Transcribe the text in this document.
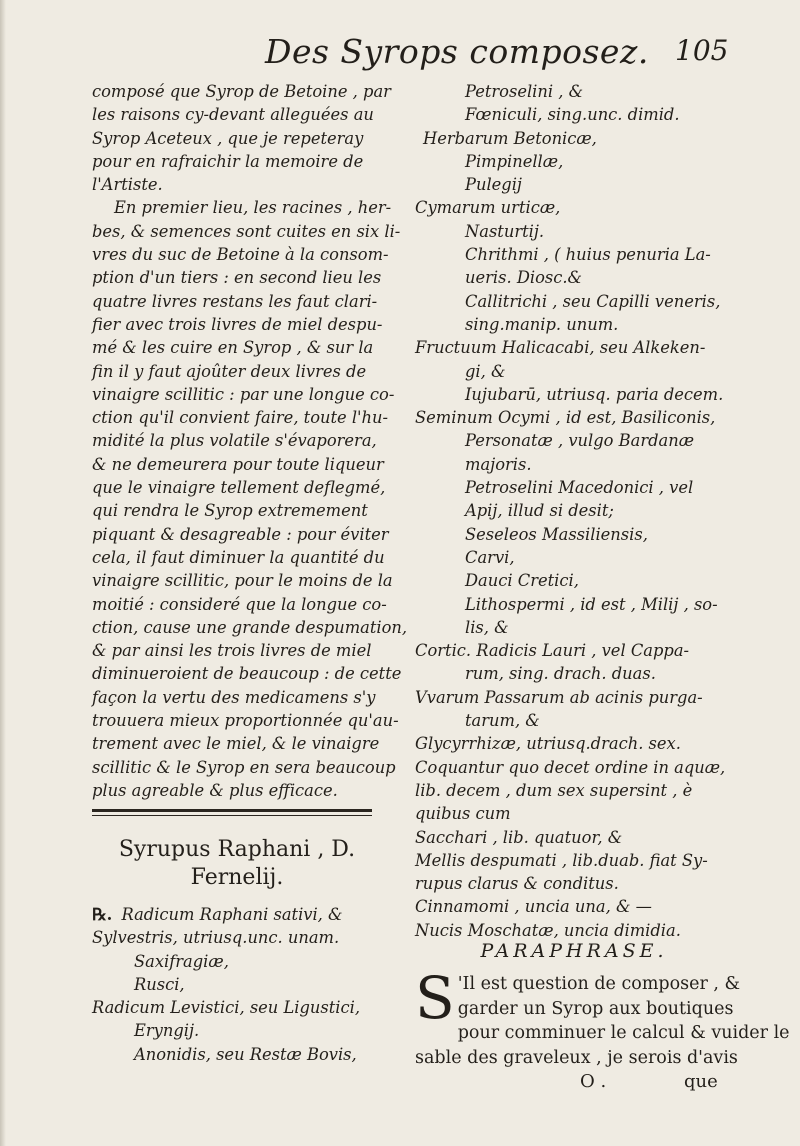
Des Syrops composez. 105
composé que Syrop de Betoine , par
les raisons cy-devant alleguées au
Syrop Aceteux , que je repeteray
pour en rafraichir la memoire de
l'Artiste.
En premier lieu, les racines , her-
bes, & semences sont cuites en six li-
vres du suc de Betoine à la consom-
ption d'un tiers : en second lieu les
quatre livres restans les faut clari-
fier avec trois livres de miel despu-
mé & les cuire en Syrop , & sur la
fin il y faut ajoûter deux livres de
vinaigre scillitic : par une longue co-
ction qu'il convient faire, toute l'hu-
midité la plus volatile s'évaporera,
& ne demeurera pour toute liqueur
que le vinaigre tellement deflegmé,
qui rendra le Syrop extremement
piquant & desagreable : pour éviter
cela, il faut diminuer la quantité du
vinaigre scillitic, pour le moins de la
moitié : consideré que la longue co-
ction, cause une grande despumation,
& par ainsi les trois livres de miel
diminueroient de beaucoup : de cette
façon la vertu des medicamens s'y
trouuera mieux proportionnée qu'au-
trement avec le miel, & le vinaigre
scillitic & le Syrop en sera beaucoup
plus agreable & plus efficace.
Syrupus Raphani , D.
Fernelij.
℞. Radicum Raphani sativi, &
Sylvestris, utriusq.unc. unam.
Saxifragiæ,
Rusci,
Radicum Levistici, seu Ligustici,
Eryngij.
Anonidis, seu Restæ Bovis,
Petroselini , &
Fœniculi, sing.unc. dimid.
Herbarum Betonicæ,
Pimpinellæ,
Pulegij
Cymarum urticæ,
Nasturtij.
Chrithmi , ( huius penuria La-
ueris. Diosc.&
Callitrichi , seu Capilli veneris,
sing.manip. unum.
Fructuum Halicacabi, seu Alkeken-
gi, &
Iujubarū, utriusq. paria decem.
Seminum Ocymi , id est, Basiliconis,
Personatæ , vulgo Bardanæ
majoris.
Petroselini Macedonici , vel
Apij, illud si desit;
Seseleos Massiliensis,
Carvi,
Dauci Cretici,
Lithospermi , id est , Milij , so-
lis, &
Cortic. Radicis Lauri , vel Cappa-
rum, sing. drach. duas.
Vvarum Passarum ab acinis purga-
tarum, &
Glycyrrhizæ, utriusq.drach. sex.
Coquantur quo decet ordine in aquæ,
lib. decem , dum sex supersint , è
quibus cum
Sacchari , lib. quatuor, &
Mellis despumati , lib.duab. fiat Sy-
rupus clarus & conditus.
Cinnamomi , uncia una, & —
Nucis Moschatæ, uncia dimidia.
PARAPHRASE.
S 'Il est question de composer , &
garder un Syrop aux boutiques
pour comminuer le calcul & vuider le
sable des graveleux , je serois d'avis
O .	que
